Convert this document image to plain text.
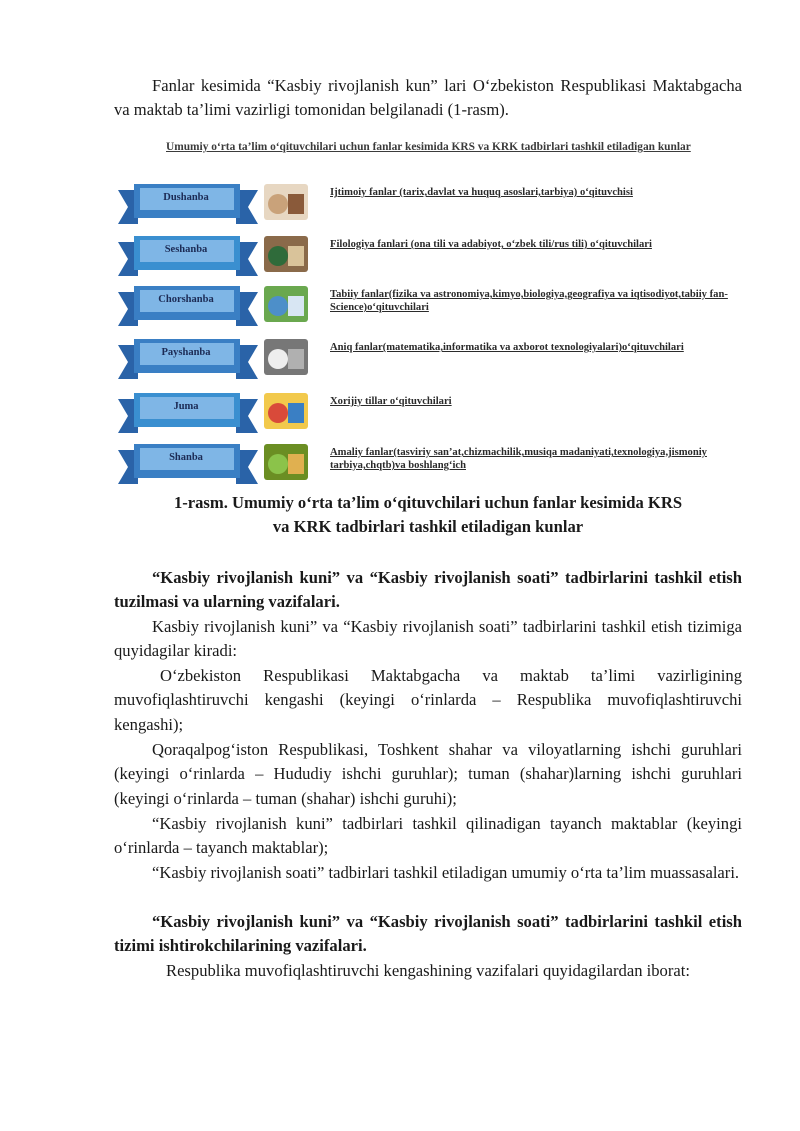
Fanlar kesimida “Kasbiy rivojlanish kun” lari O‘zbekiston Respublikasi Maktabgacha va maktab ta’limi vazirligi tomonidan belgilanadi (1-rasm).

Umumiy o‘rta ta’lim o‘qituvchilari uchun fanlar kesimida KRS va KRK tadbirlari tashkil etiladigan kunlar
Dushanba	Ijtimoiy fanlar (tarix,davlat va huquq asoslari,tarbiya) o‘qituvchisi
Seshanba	Filologiya fanlari (ona tili va adabiyot, o‘zbek tili/rus tili) o‘qituvchilari
Chorshanba	Tabiiy fanlar(fizika va astronomiya,kimyo,biologiya,geografiya va iqtisodiyot,tabiiy fan-Science)o‘qituvchilari
Payshanba	Aniq fanlar(matematika,informatika va axborot texnologiyalari)o‘qituvchilari
Juma	Xorijiy tillar o‘qituvchilari
Shanba	Amaliy fanlar(tasviriy san’at,chizmachilik,musiqa madaniyati,texnologiya,jismoniy tarbiya,chqtb)va boshlang‘ich
1-rasm. Umumiy o‘rta ta’lim o‘qituvchilari uchun fanlar kesimida KRS
va KRK tadbirlari tashkil etiladigan kunlar

“Kasbiy rivojlanish kuni” va “Kasbiy rivojlanish soati” tadbirlarini tashkil etish tuzilmasi va ularning vazifalari.

Kasbiy rivojlanish kuni” va “Kasbiy rivojlanish soati” tadbirlarini tashkil etish tizimiga quyidagilar kiradi:

O‘zbekiston Respublikasi Maktabgacha va maktab ta’limi vazirligining muvofiqlashtiruvchi kengashi (keyingi o‘rinlarda – Respublika muvofiqlashtiruvchi kengashi);

Qoraqalpog‘iston Respublikasi, Toshkent shahar va viloyatlarning ishchi guruhlari (keyingi o‘rinlarda – Hududiy ishchi guruhlar); tuman (shahar)larning ishchi guruhlari (keyingi o‘rinlarda – tuman (shahar) ishchi guruhi);

“Kasbiy rivojlanish kuni” tadbirlari tashkil qilinadigan tayanch maktablar (keyingi o‘rinlarda – tayanch maktablar);

“Kasbiy rivojlanish soati” tadbirlari tashkil etiladigan umumiy o‘rta ta’lim muassasalari.

“Kasbiy rivojlanish kuni” va “Kasbiy rivojlanish soati” tadbirlarini tashkil etish tizimi ishtirokchilarining vazifalari.

Respublika muvofiqlashtiruvchi kengashining vazifalari quyidagilardan iborat:
